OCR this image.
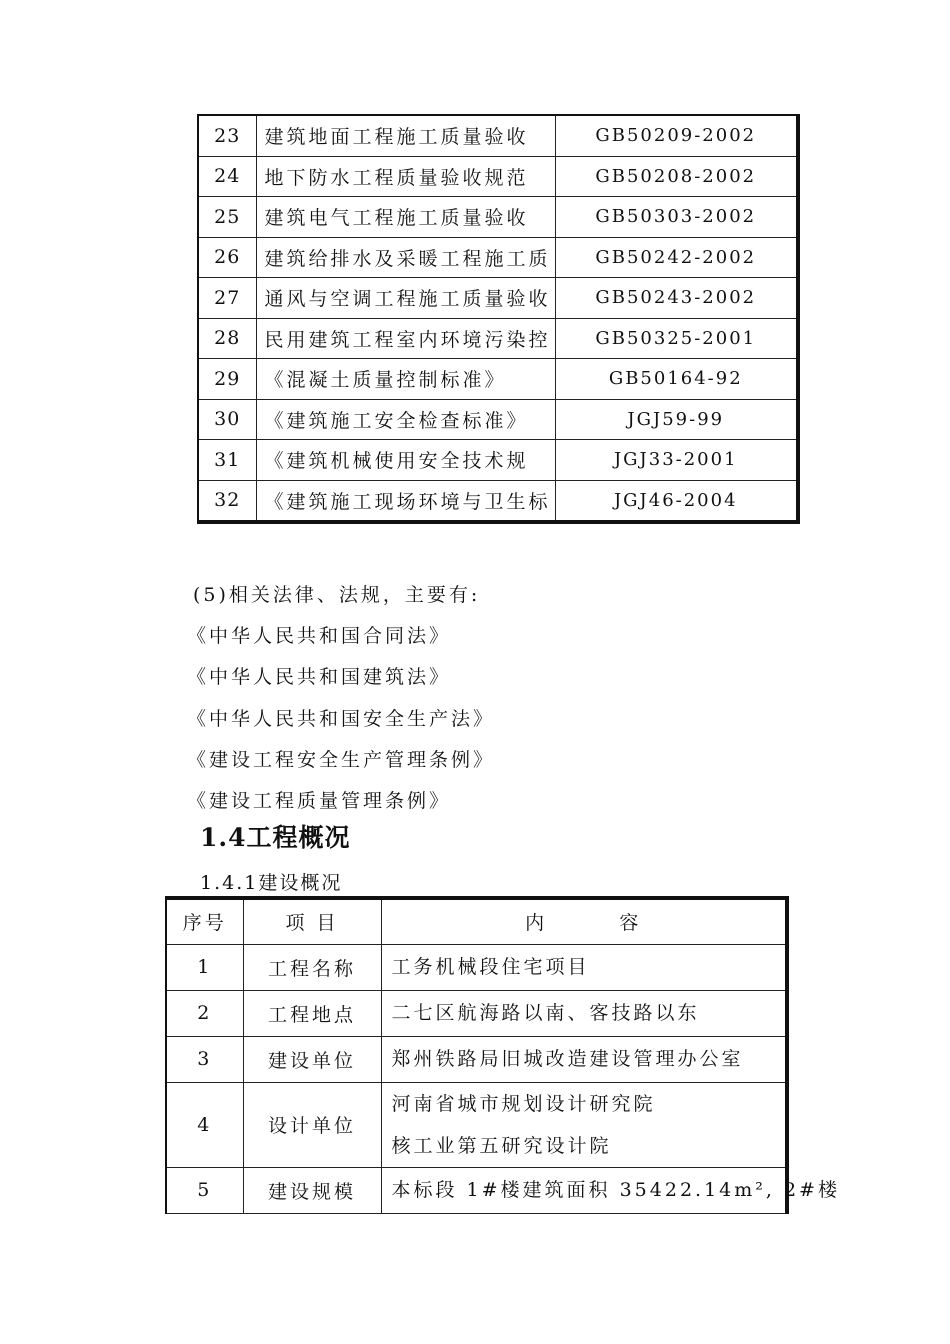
23	建筑地面工程施工质量验收	GB50209-2002
24	地下防水工程质量验收规范	GB50208-2002
25	建筑电气工程施工质量验收	GB50303-2002
26	建筑给排水及采暖工程施工质	GB50242-2002
27	通风与空调工程施工质量验收	GB50243-2002
28	民用建筑工程室内环境污染控	GB50325-2001
29	《混凝土质量控制标准》	GB50164-92
30	《建筑施工安全检查标准》	JGJ59-99
31	《建筑机械使用安全技术规	JGJ33-2001
32	《建筑施工现场环境与卫生标	JGJ46-2004
(5)相关法律、法规，主要有:
《中华人民共和国合同法》
《中华人民共和国建筑法》
《中华人民共和国安全生产法》
《建设工程安全生产管理条例》
《建设工程质量管理条例》
1.4工程概况
1.4.1建设概况
序号	项 目	内        容
1	工程名称	工务机械段住宅项目

2	工程地点	二七区航海路以南、客技路以东

3	建设单位	郑州铁路局旧城改造建设管理办公室

4	设计单位	河南省城市规划设计研究院
核工业第五研究设计院

5	建设规模	本标段 1#楼建筑面积 35422.14m², 2#楼
